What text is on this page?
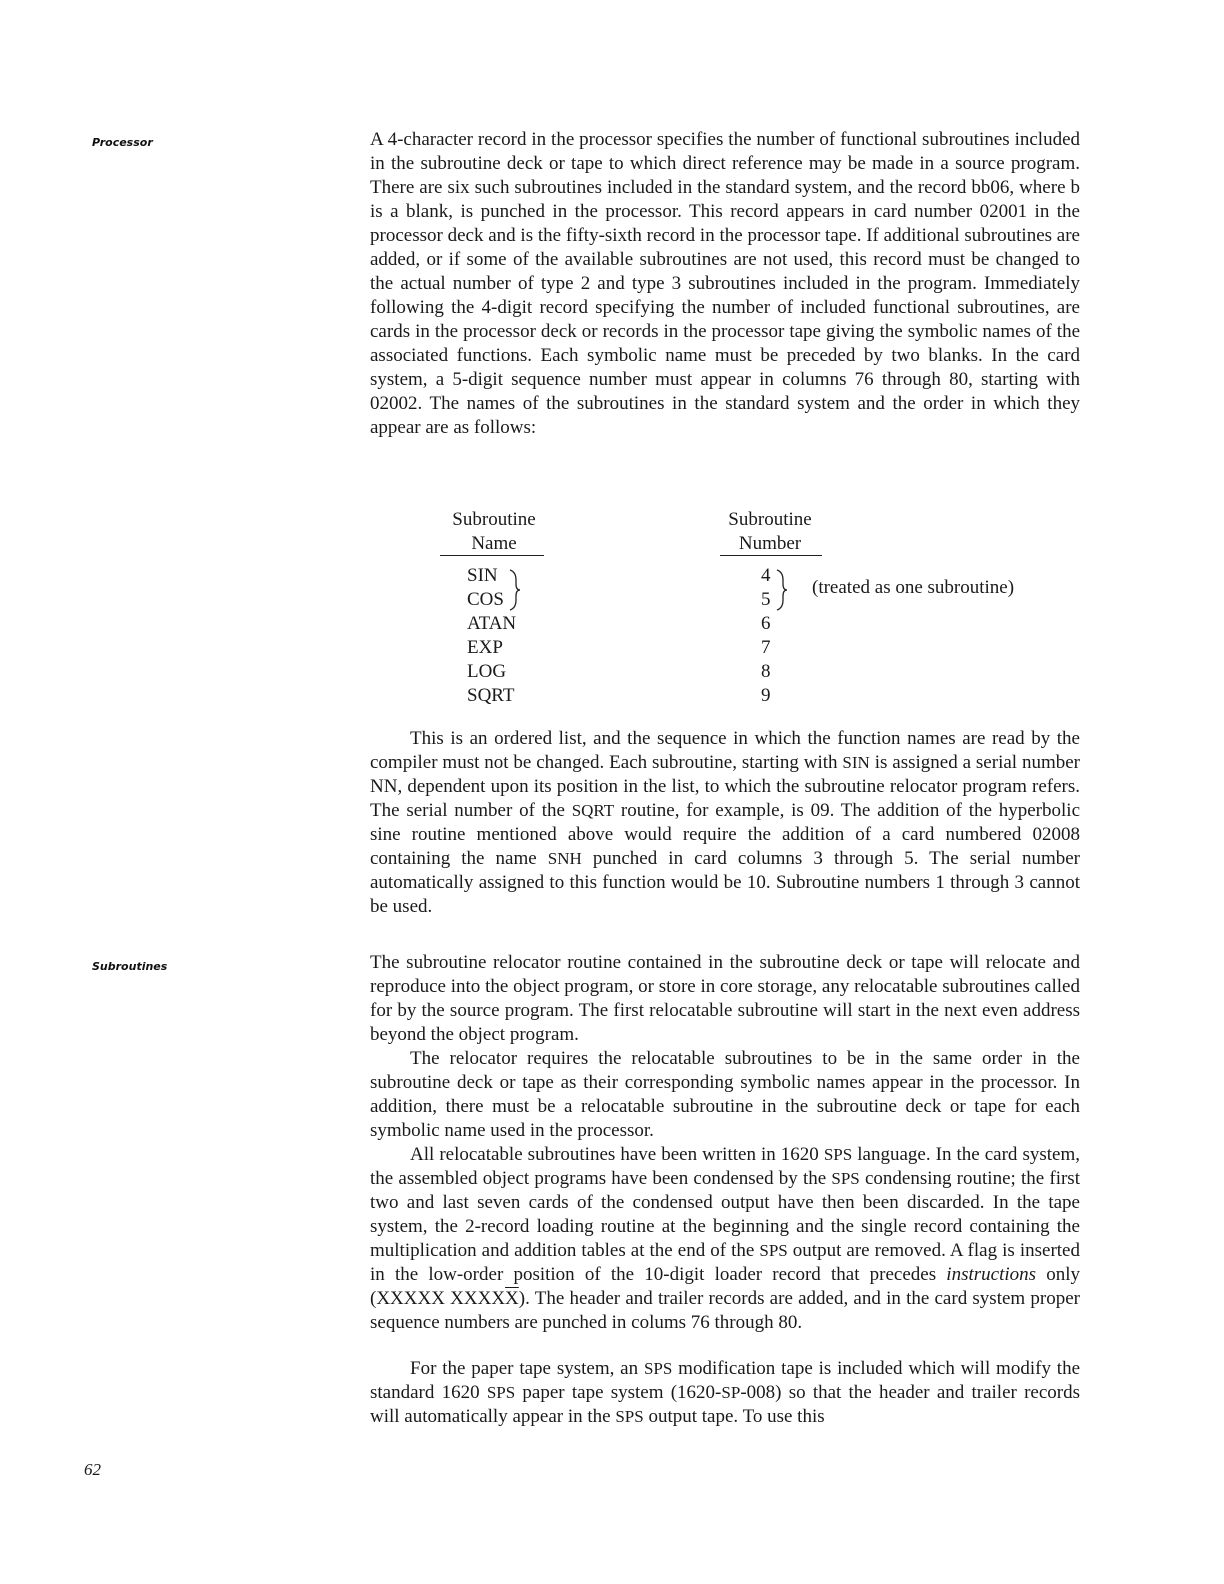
Processor
Subroutines

A 4-character record in the processor specifies the number of functional subroutines included in the subroutine deck or tape to which direct reference may be made in a source program. There are six such subroutines included in the standard system, and the record bb06, where b is a blank, is punched in the processor. This record appears in card number 02001 in the processor deck and is the fifty-sixth record in the processor tape. If additional subroutines are added, or if some of the available subroutines are not used, this record must be changed to the actual number of type 2 and type 3 subroutines included in the program. Immediately following the 4-digit record specifying the number of included functional subroutines, are cards in the processor deck or records in the processor tape giving the symbolic names of the associated functions. Each symbolic name must be preceded by two blanks. In the card system, a 5-digit sequence number must appear in columns 76 through 80, starting with 02002. The names of the subroutines in the standard system and the order in which they appear are as follows:

Subroutine
Name
Subroutine
Number
SIN	4
COS	5
ATAN	6
EXP	7
LOG	8
SQRT	9
(treated as one subroutine)

This is an ordered list, and the sequence in which the function names are read by the compiler must not be changed. Each subroutine, starting with SIN is assigned a serial number NN, dependent upon its position in the list, to which the subroutine relocator program refers. The serial number of the SQRT routine, for example, is 09. The addition of the hyperbolic sine routine mentioned above would require the addition of a card numbered 02008 containing the name SNH punched in card columns 3 through 5. The serial number automatically assigned to this function would be 10. Subroutine numbers 1 through 3 cannot be used.

The subroutine relocator routine contained in the subroutine deck or tape will relocate and reproduce into the object program, or store in core storage, any relocatable subroutines called for by the source program. The first relocatable subroutine will start in the next even address beyond the object program.

The relocator requires the relocatable subroutines to be in the same order in the subroutine deck or tape as their corresponding symbolic names appear in the processor. In addition, there must be a relocatable subroutine in the subroutine deck or tape for each symbolic name used in the processor.

All relocatable subroutines have been written in 1620 SPS language. In the card system, the assembled object programs have been condensed by the SPS condensing routine; the first two and last seven cards of the condensed output have then been discarded. In the tape system, the 2-record loading routine at the beginning and the single record containing the multiplication and addition tables at the end of the SPS output are removed. A flag is inserted in the low-order position of the 10-digit loader record that precedes instructions only (XXXXX $XXXX\overline{X}$). The header and trailer records are added, and in the card system proper sequence numbers are punched in colums 76 through 80.

For the paper tape system, an SPS modification tape is included which will modify the standard 1620 SPS paper tape system (1620-SP-008) so that the header and trailer records will automatically appear in the SPS output tape. To use this

62
